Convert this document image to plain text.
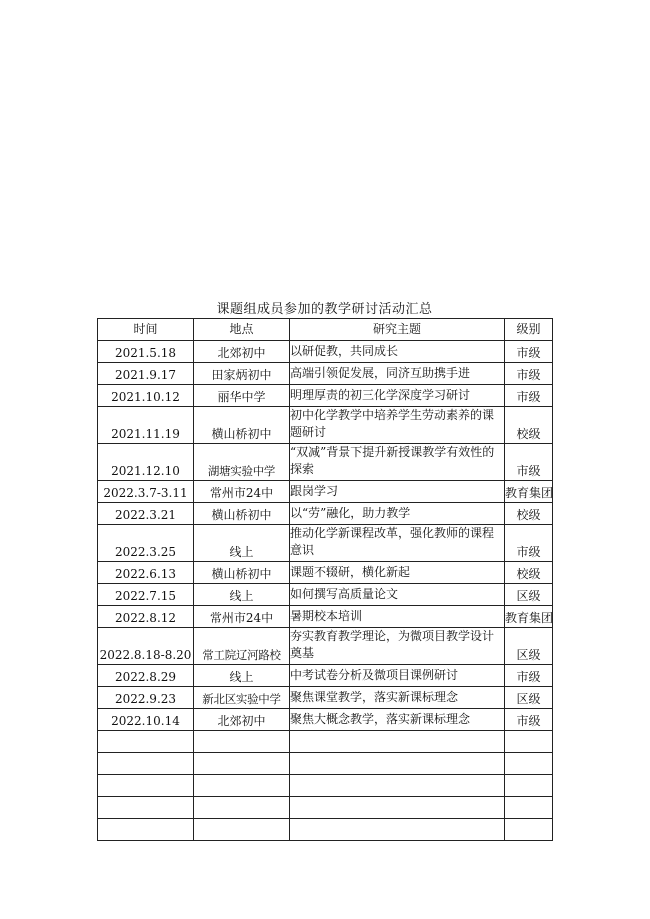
课题组成员参加的教学研讨活动汇总
时间	地点	研究主题	级别
2021.5.18	北郊初中	以研促教，共同成长	市级
2021.9.17	田家炳初中	高端引领促发展，同济互助携手进	市级
2021.10.12	丽华中学	明理厚责的初三化学深度学习研讨	市级
2021.11.19	横山桥初中	初中化学教学中培养学生劳动素养的课题研讨	校级
2021.12.10	湖塘实验中学	“双减”背景下提升新授课教学有效性的探索	市级
2022.3.7-3.11	常州市24中	跟岗学习	教育集团
2022.3.21	横山桥初中	以“劳”融化，助力教学	校级
2022.3.25	线上	推动化学新课程改革，强化教师的课程意识	市级
2022.6.13	横山桥初中	课题不辍研，横化新起	校级
2022.7.15	线上	如何撰写高质量论文	区级
2022.8.12	常州市24中	暑期校本培训	教育集团
2022.8.18-8.20	常工院辽河路校	夯实教育教学理论，为微项目教学设计奠基	区级
2022.8.29	线上	中考试卷分析及微项目课例研讨	市级
2022.9.23	新北区实验中学	聚焦课堂教学，落实新课标理念	区级
2022.10.14	北郊初中	聚焦大概念教学，落实新课标理念	市级
